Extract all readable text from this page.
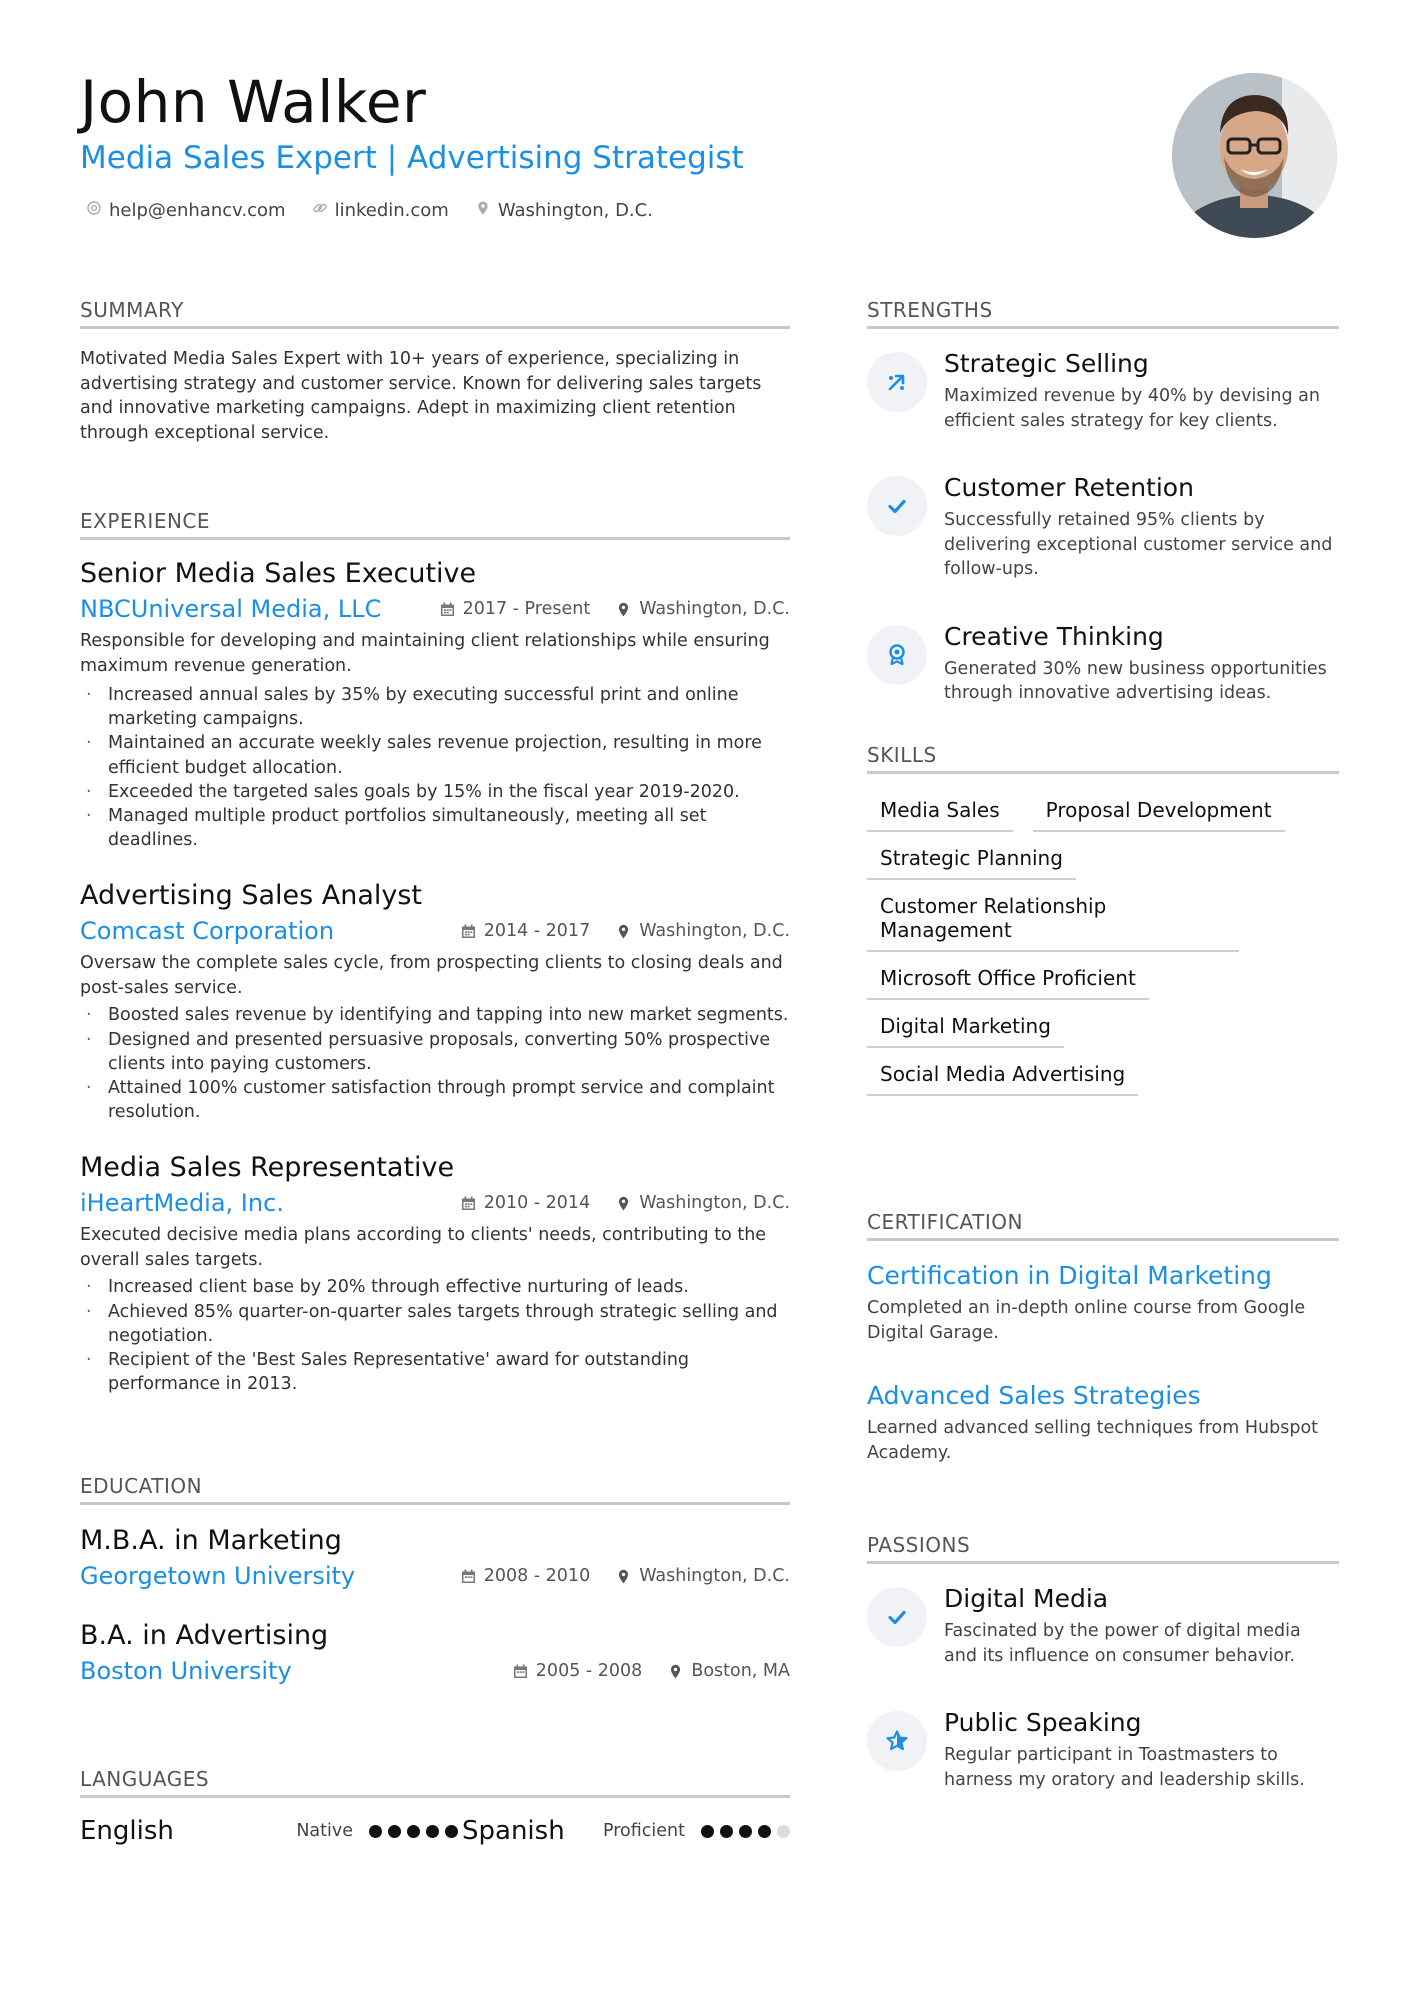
John Walker
Media Sales Expert | Advertising Strategist
help@enhancv.com	linkedin.com	Washington, D.C.
SUMMARY

Motivated Media Sales Expert with 10+ years of experience, specializing in advertising strategy and customer service. Known for delivering sales targets and innovative marketing campaigns. Adept in maximizing client retention through exceptional service.

EXPERIENCE
Senior Media Sales Executive
NBCUniversal Media, LLC	2017 - Present	Washington, D.C.

Responsible for developing and maintaining client relationships while ensuring maximum revenue generation.

· Increased annual sales by 35% by executing successful print and online marketing campaigns.
· Maintained an accurate weekly sales revenue projection, resulting in more efficient budget allocation.
· Exceeded the targeted sales goals by 15% in the fiscal year 2019-2020.
· Managed multiple product portfolios simultaneously, meeting all set deadlines.
Advertising Sales Analyst
Comcast Corporation	2014 - 2017	Washington, D.C.

Oversaw the complete sales cycle, from prospecting clients to closing deals and post-sales service.

· Boosted sales revenue by identifying and tapping into new market segments.
· Designed and presented persuasive proposals, converting 50% prospective clients into paying customers.
· Attained 100% customer satisfaction through prompt service and complaint resolution.
Media Sales Representative
iHeartMedia, Inc.	2010 - 2014	Washington, D.C.

Executed decisive media plans according to clients' needs, contributing to the overall sales targets.

· Increased client base by 20% through effective nurturing of leads.
· Achieved 85% quarter-on-quarter sales targets through strategic selling and negotiation.
· Recipient of the 'Best Sales Representative' award for outstanding performance in 2013.
EDUCATION
M.B.A. in Marketing
Georgetown University	2008 - 2010	Washington, D.C.
B.A. in Advertising
Boston University	2005 - 2008	Boston, MA
LANGUAGES
English	Native	Spanish Proficient
STRENGTHS
Strategic Selling
Maximized revenue by 40% by devising an efficient sales strategy for key clients.
Customer Retention
Successfully retained 95% clients by delivering exceptional customer service and follow-ups.
Creative Thinking
Generated 30% new business opportunities through innovative advertising ideas.
SKILLS
Media Sales	Proposal Development
Strategic Planning
Customer Relationship Management
Microsoft Office Proficient
Digital Marketing
Social Media Advertising
CERTIFICATION
Certification in Digital Marketing
Completed an in-depth online course from Google Digital Garage.
Advanced Sales Strategies
Learned advanced selling techniques from Hubspot Academy.
PASSIONS
Digital Media
Fascinated by the power of digital media and its influence on consumer behavior.
Public Speaking
Regular participant in Toastmasters to harness my oratory and leadership skills.
